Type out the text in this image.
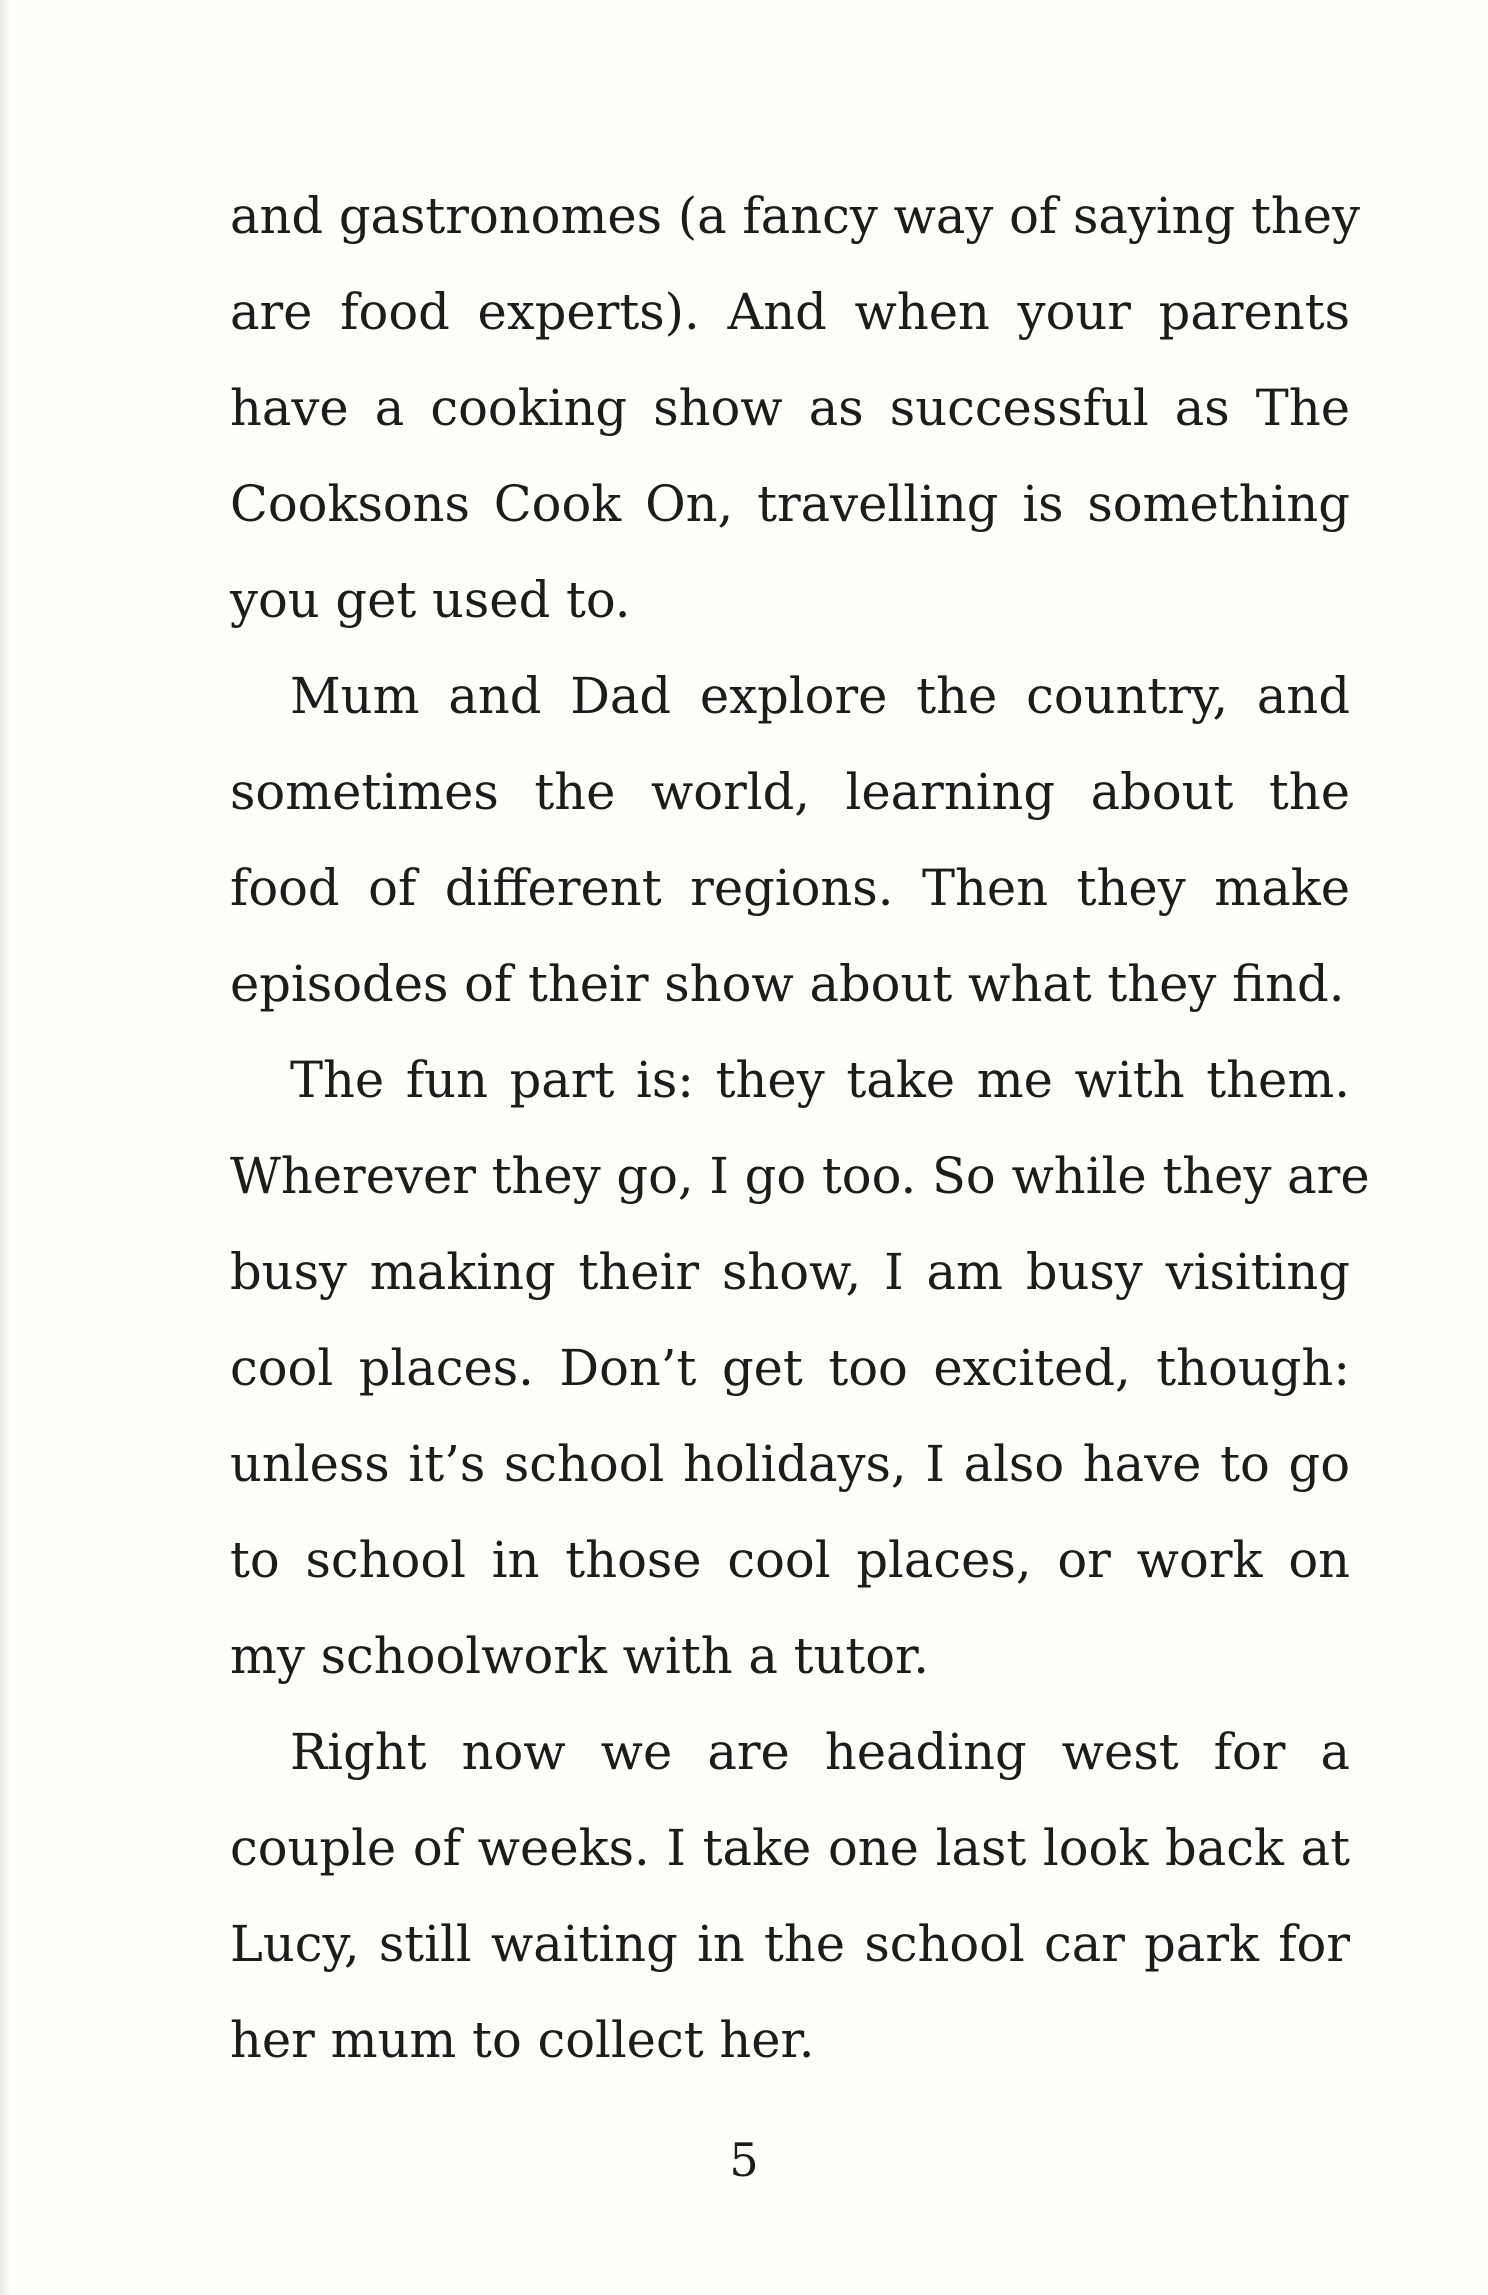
and gastronomes (a fancy way of saying they
are food experts). And when your parents
have a cooking show as successful as The
Cooksons Cook On, travelling is something
you get used to.
Mum and Dad explore the country, and
sometimes the world, learning about the
food of different regions. Then they make
episodes of their show about what they find.
The fun part is: they take me with them.
Wherever they go, I go too. So while they are
busy making their show, I am busy visiting
cool places. Don’t get too excited, though:
unless it’s school holidays, I also have to go
to school in those cool places, or work on
my schoolwork with a tutor.
Right now we are heading west for a
couple of weeks. I take one last look back at
Lucy, still waiting in the school car park for
her mum to collect her.
5
